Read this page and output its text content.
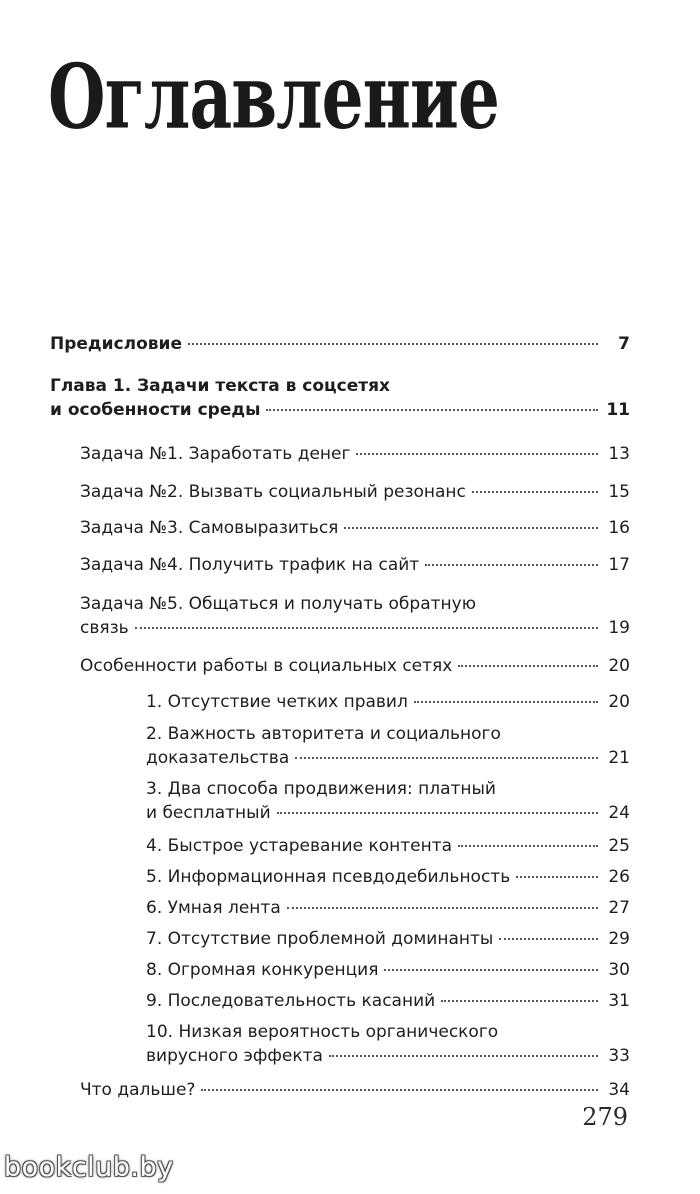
Оглавление
Предисловие	7
Глава 1. Задачи текста в соцсетях
и особенности среды	11
Задача №1. Заработать денег	13
Задача №2. Вызвать социальный резонанс	15
Задача №3. Самовыразиться	16
Задача №4. Получить трафик на сайт	17
Задача №5. Общаться и получать обратную
связь	19
Особенности работы в социальных сетях	20
1. Отсутствие четких правил	20
2. Важность авторитета и социального
доказательства	21
3. Два способа продвижения: платный
и бесплатный	24
4. Быстрое устаревание контента	25
5. Информационная псевдодебильность	26
6. Умная лента	27
7. Отсутствие проблемной доминанты	29
8. Огромная конкуренция	30
9. Последовательность касаний	31
10. Низкая вероятность органического
вирусного эффекта	33
Что дальше?	34
279
bookclub.by
